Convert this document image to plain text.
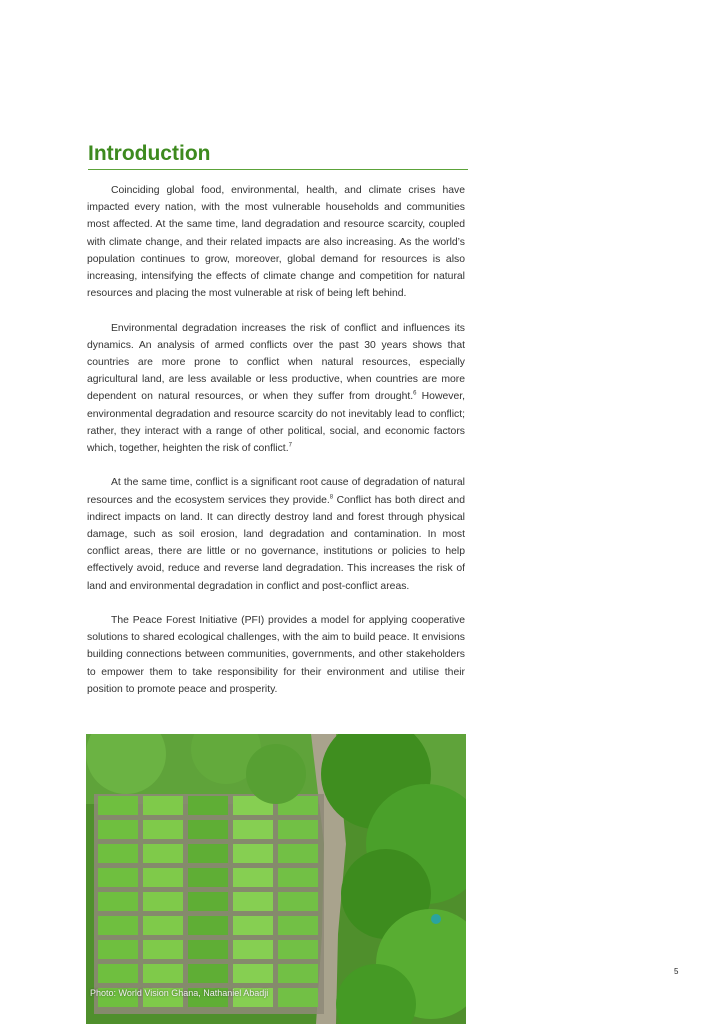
Introduction

Coinciding global food, environmental, health, and climate crises have impacted every nation, with the most vulnerable households and communities most affected. At the same time, land degradation and resource scarcity, coupled with climate change, and their related impacts are also increasing. As the world’s population continues to grow, moreover, global demand for resources is also increasing, intensifying the effects of climate change and competition for natural resources and placing the most vulnerable at risk of being left behind.

Environmental degradation increases the risk of conflict and influences its dynamics. An analysis of armed conflicts over the past 30 years shows that countries are more prone to conflict when natural resources, especially agricultural land, are less available or less productive, when countries are more dependent on natural resources, or when they suffer from drought.$^6$ However, environmental degradation and resource scarcity do not inevitably lead to conflict; rather, they interact with a range of other political, social, and economic factors which, together, heighten the risk of conflict.$^7$

At the same time, conflict is a significant root cause of degradation of natural resources and the ecosystem services they provide.$^8$ Conflict has both direct and indirect impacts on land. It can directly destroy land and forest through physical damage, such as soil erosion, land degradation and contamination. In most conflict areas, there are little or no governance, institutions or policies to help effectively avoid, reduce and reverse land degradation. This increases the risk of land and environmental degradation in conflict and post-conflict areas.

The Peace Forest Initiative (PFI) provides a model for applying cooperative solutions to shared ecological challenges, with the aim to build peace. It envisions building connections between communities, governments, and other stakeholders to empower them to take responsibility for their environment and utilise their position to promote peace and prosperity.

Photo: World Vision Ghana, Nathaniel Abadji
5
